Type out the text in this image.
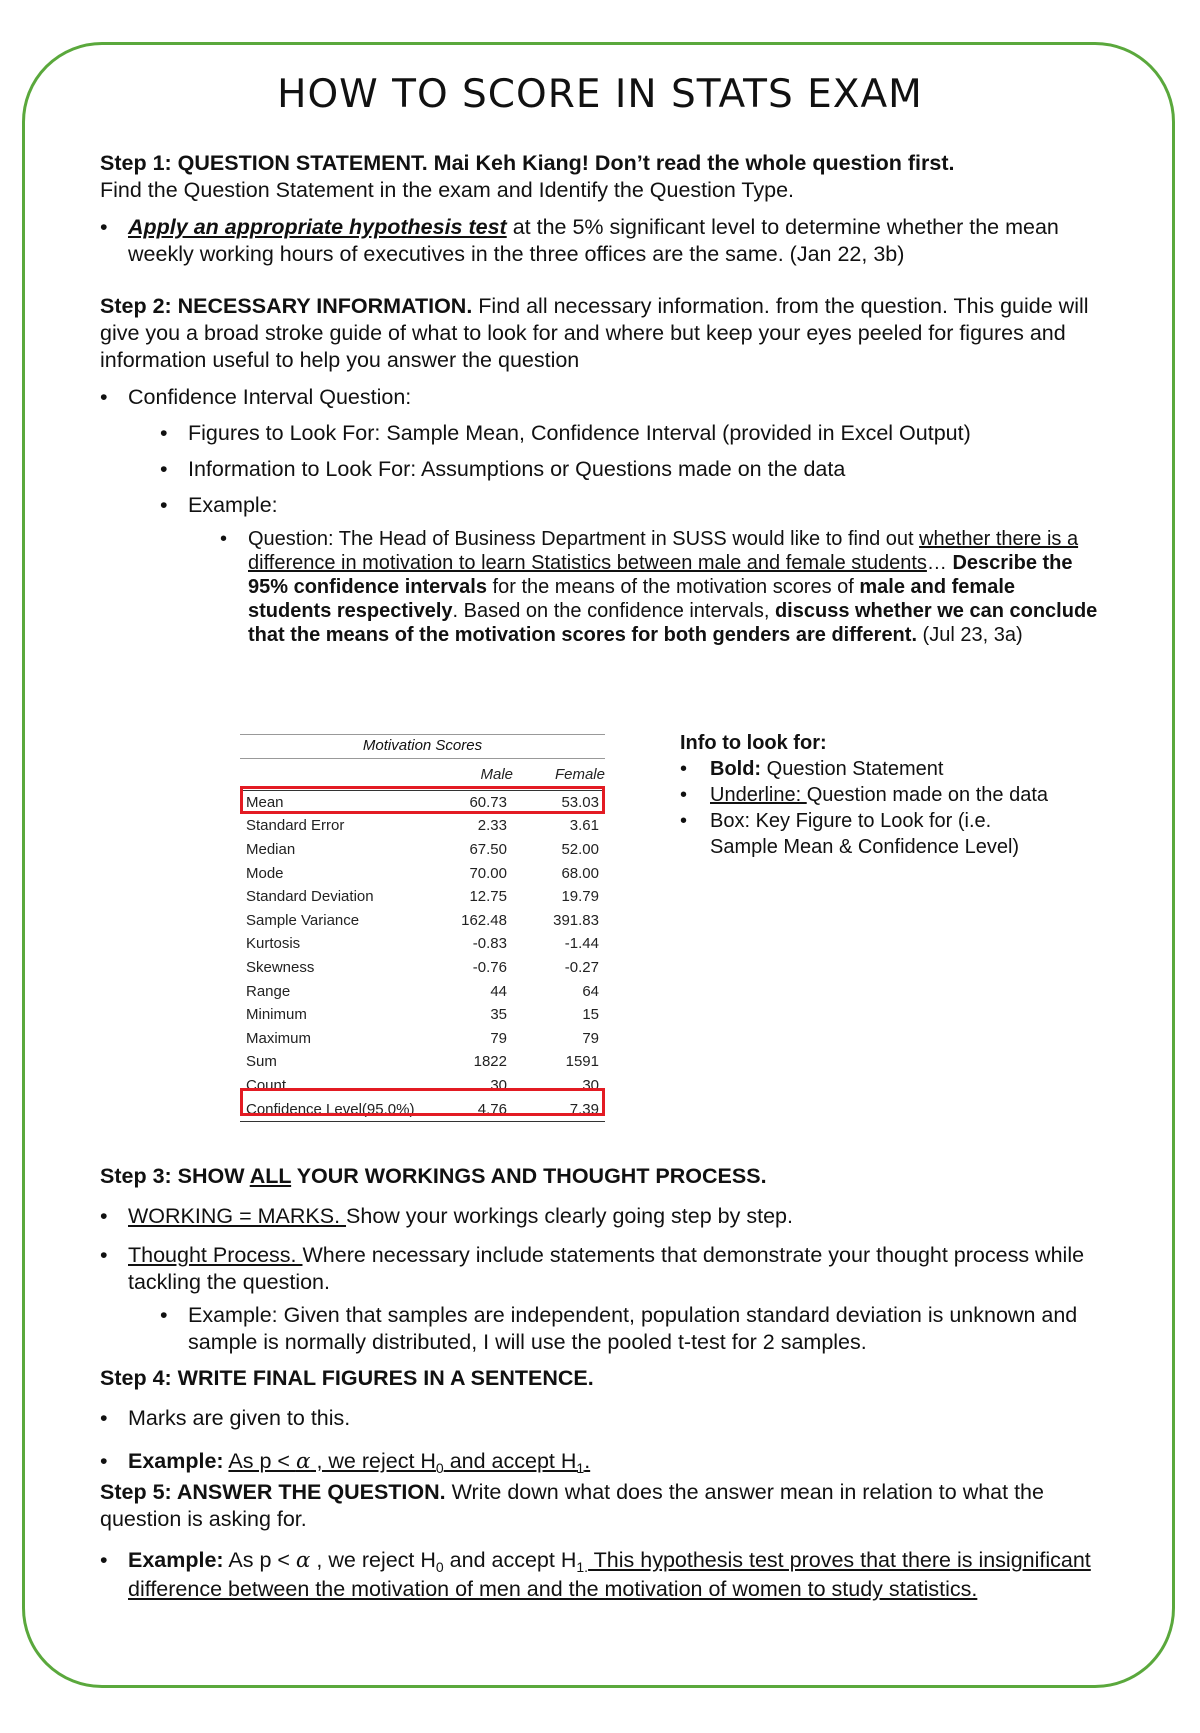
HOW TO SCORE IN STATS EXAM

Step 1: QUESTION STATEMENT. Mai Keh Kiang! Don’t read the whole question first.

Find the Question Statement in the exam and Identify the Question Type.

• Apply an appropriate hypothesis test at the 5% significant level to determine whether the mean weekly working hours of executives in the three offices are the same. (Jan 22, 3b)

Step 2: NECESSARY INFORMATION. Find all necessary information. from the question. This guide will give you a broad stroke guide of what to look for and where but keep your eyes peeled for figures and information useful to help you answer the question

• Confidence Interval Question:
• Figures to Look For: Sample Mean, Confidence Interval (provided in Excel Output)
• Information to Look For: Assumptions or Questions made on the data
• Example:
• Question: The Head of Business Department in SUSS would like to find out whether there is a difference in motivation to learn Statistics between male and female students… Describe the 95% confidence intervals for the means of the motivation scores of male and female students respectively. Based on the confidence intervals, discuss whether we can conclude that the means of the motivation scores for both genders are different. (Jul 23, 3a)
Motivation Scores
	Male	Female
Mean	60.73	53.03
Standard Error	2.33	3.61
Median	67.50	52.00
Mode	70.00	68.00
Standard Deviation	12.75	19.79
Sample Variance	162.48	391.83
Kurtosis	-0.83	-1.44
Skewness	-0.76	-0.27
Range	44	64
Minimum	35	15
Maximum	79	79
Sum	1822	1591
Count	30	30
Confidence Level(95.0%)	4.76	7.39

Info to look for:

• Bold: Question Statement
• Underline: Question made on the data
• Box: Key Figure to Look for (i.e. Sample Mean & Confidence Level)

Step 3: SHOW ALL YOUR WORKINGS AND THOUGHT PROCESS.

• WORKING = MARKS. Show your workings clearly going step by step.
• Thought Process. Where necessary include statements that demonstrate your thought process while tackling the question.
• Example: Given that samples are independent, population standard deviation is unknown and sample is normally distributed, I will use the pooled t-test for 2 samples.

Step 4: WRITE FINAL FIGURES IN A SENTENCE.

• Marks are given to this.
• Example: As p < α , we reject $H_0$ and accept $H_1$.

Step 5: ANSWER THE QUESTION. Write down what does the answer mean in relation to what the question is asking for.

• Example: As p < α , we reject $H_0$ and accept $H_{1.}$ This hypothesis test proves that there is insignificant difference between the motivation of men and the motivation of women to study statistics.
